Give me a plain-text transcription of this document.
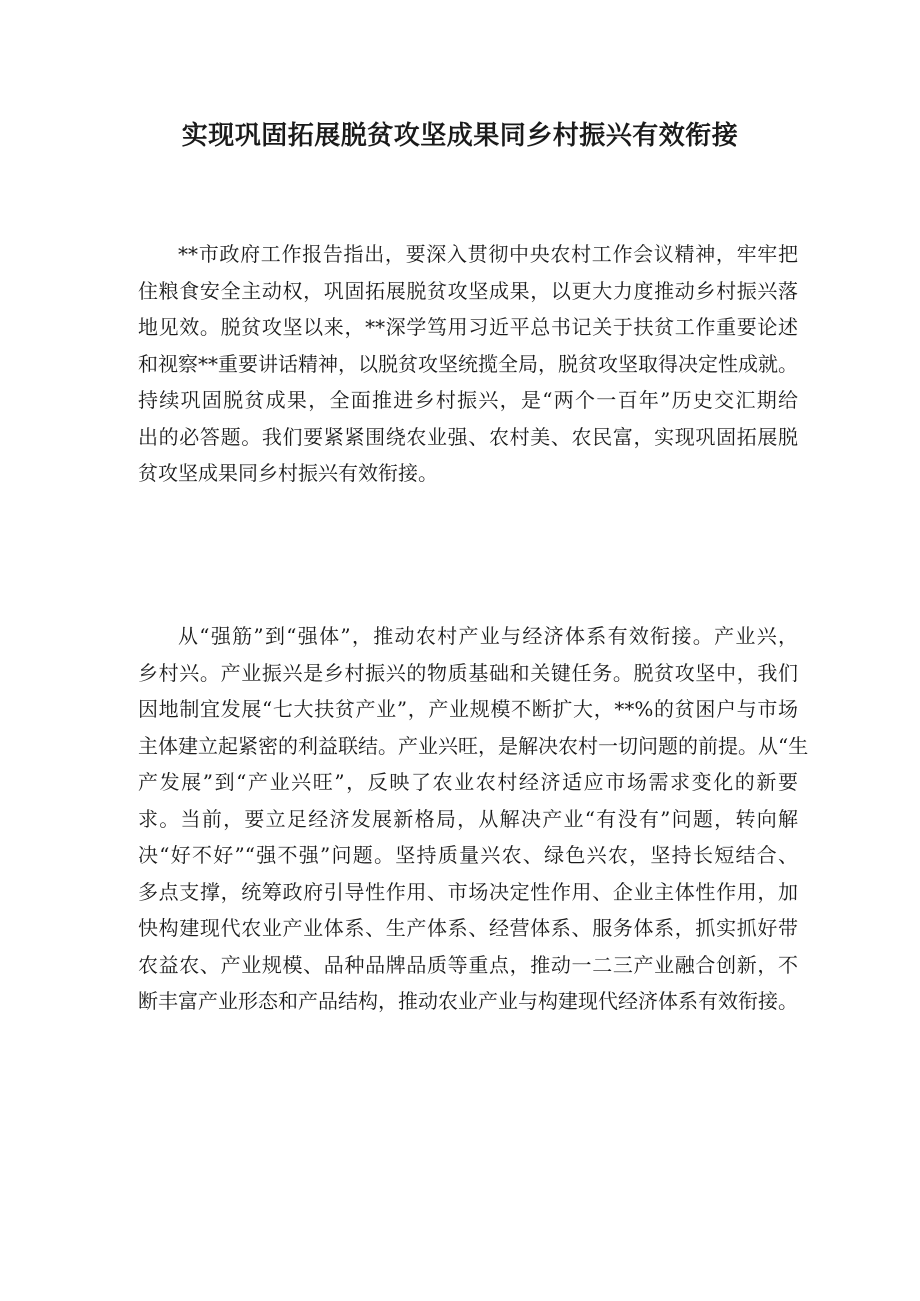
实现巩固拓展脱贫攻坚成果同乡村振兴有效衔接
**市政府工作报告指出，要深入贯彻中央农村工作会议精神，牢牢把
住粮食安全主动权，巩固拓展脱贫攻坚成果，以更大力度推动乡村振兴落
地见效。脱贫攻坚以来，**深学笃用习近平总书记关于扶贫工作重要论述
和视察**重要讲话精神，以脱贫攻坚统揽全局，脱贫攻坚取得决定性成就。
持续巩固脱贫成果，全面推进乡村振兴，是“两个一百年”历史交汇期给
出的必答题。我们要紧紧围绕农业强、农村美、农民富，实现巩固拓展脱
贫攻坚成果同乡村振兴有效衔接。
从“强筋”到“强体”，推动农村产业与经济体系有效衔接。产业兴，
乡村兴。产业振兴是乡村振兴的物质基础和关键任务。脱贫攻坚中，我们
因地制宜发展“七大扶贫产业”，产业规模不断扩大，**%的贫困户与市场
主体建立起紧密的利益联结。产业兴旺，是解决农村一切问题的前提。从“生
产发展”到“产业兴旺”，反映了农业农村经济适应市场需求变化的新要
求。当前，要立足经济发展新格局，从解决产业“有没有”问题，转向解
决“好不好”“强不强”问题。坚持质量兴农、绿色兴农，坚持长短结合、
多点支撑，统筹政府引导性作用、市场决定性作用、企业主体性作用，加
快构建现代农业产业体系、生产体系、经营体系、服务体系，抓实抓好带
农益农、产业规模、品种品牌品质等重点，推动一二三产业融合创新，不
断丰富产业形态和产品结构，推动农业产业与构建现代经济体系有效衔接。
